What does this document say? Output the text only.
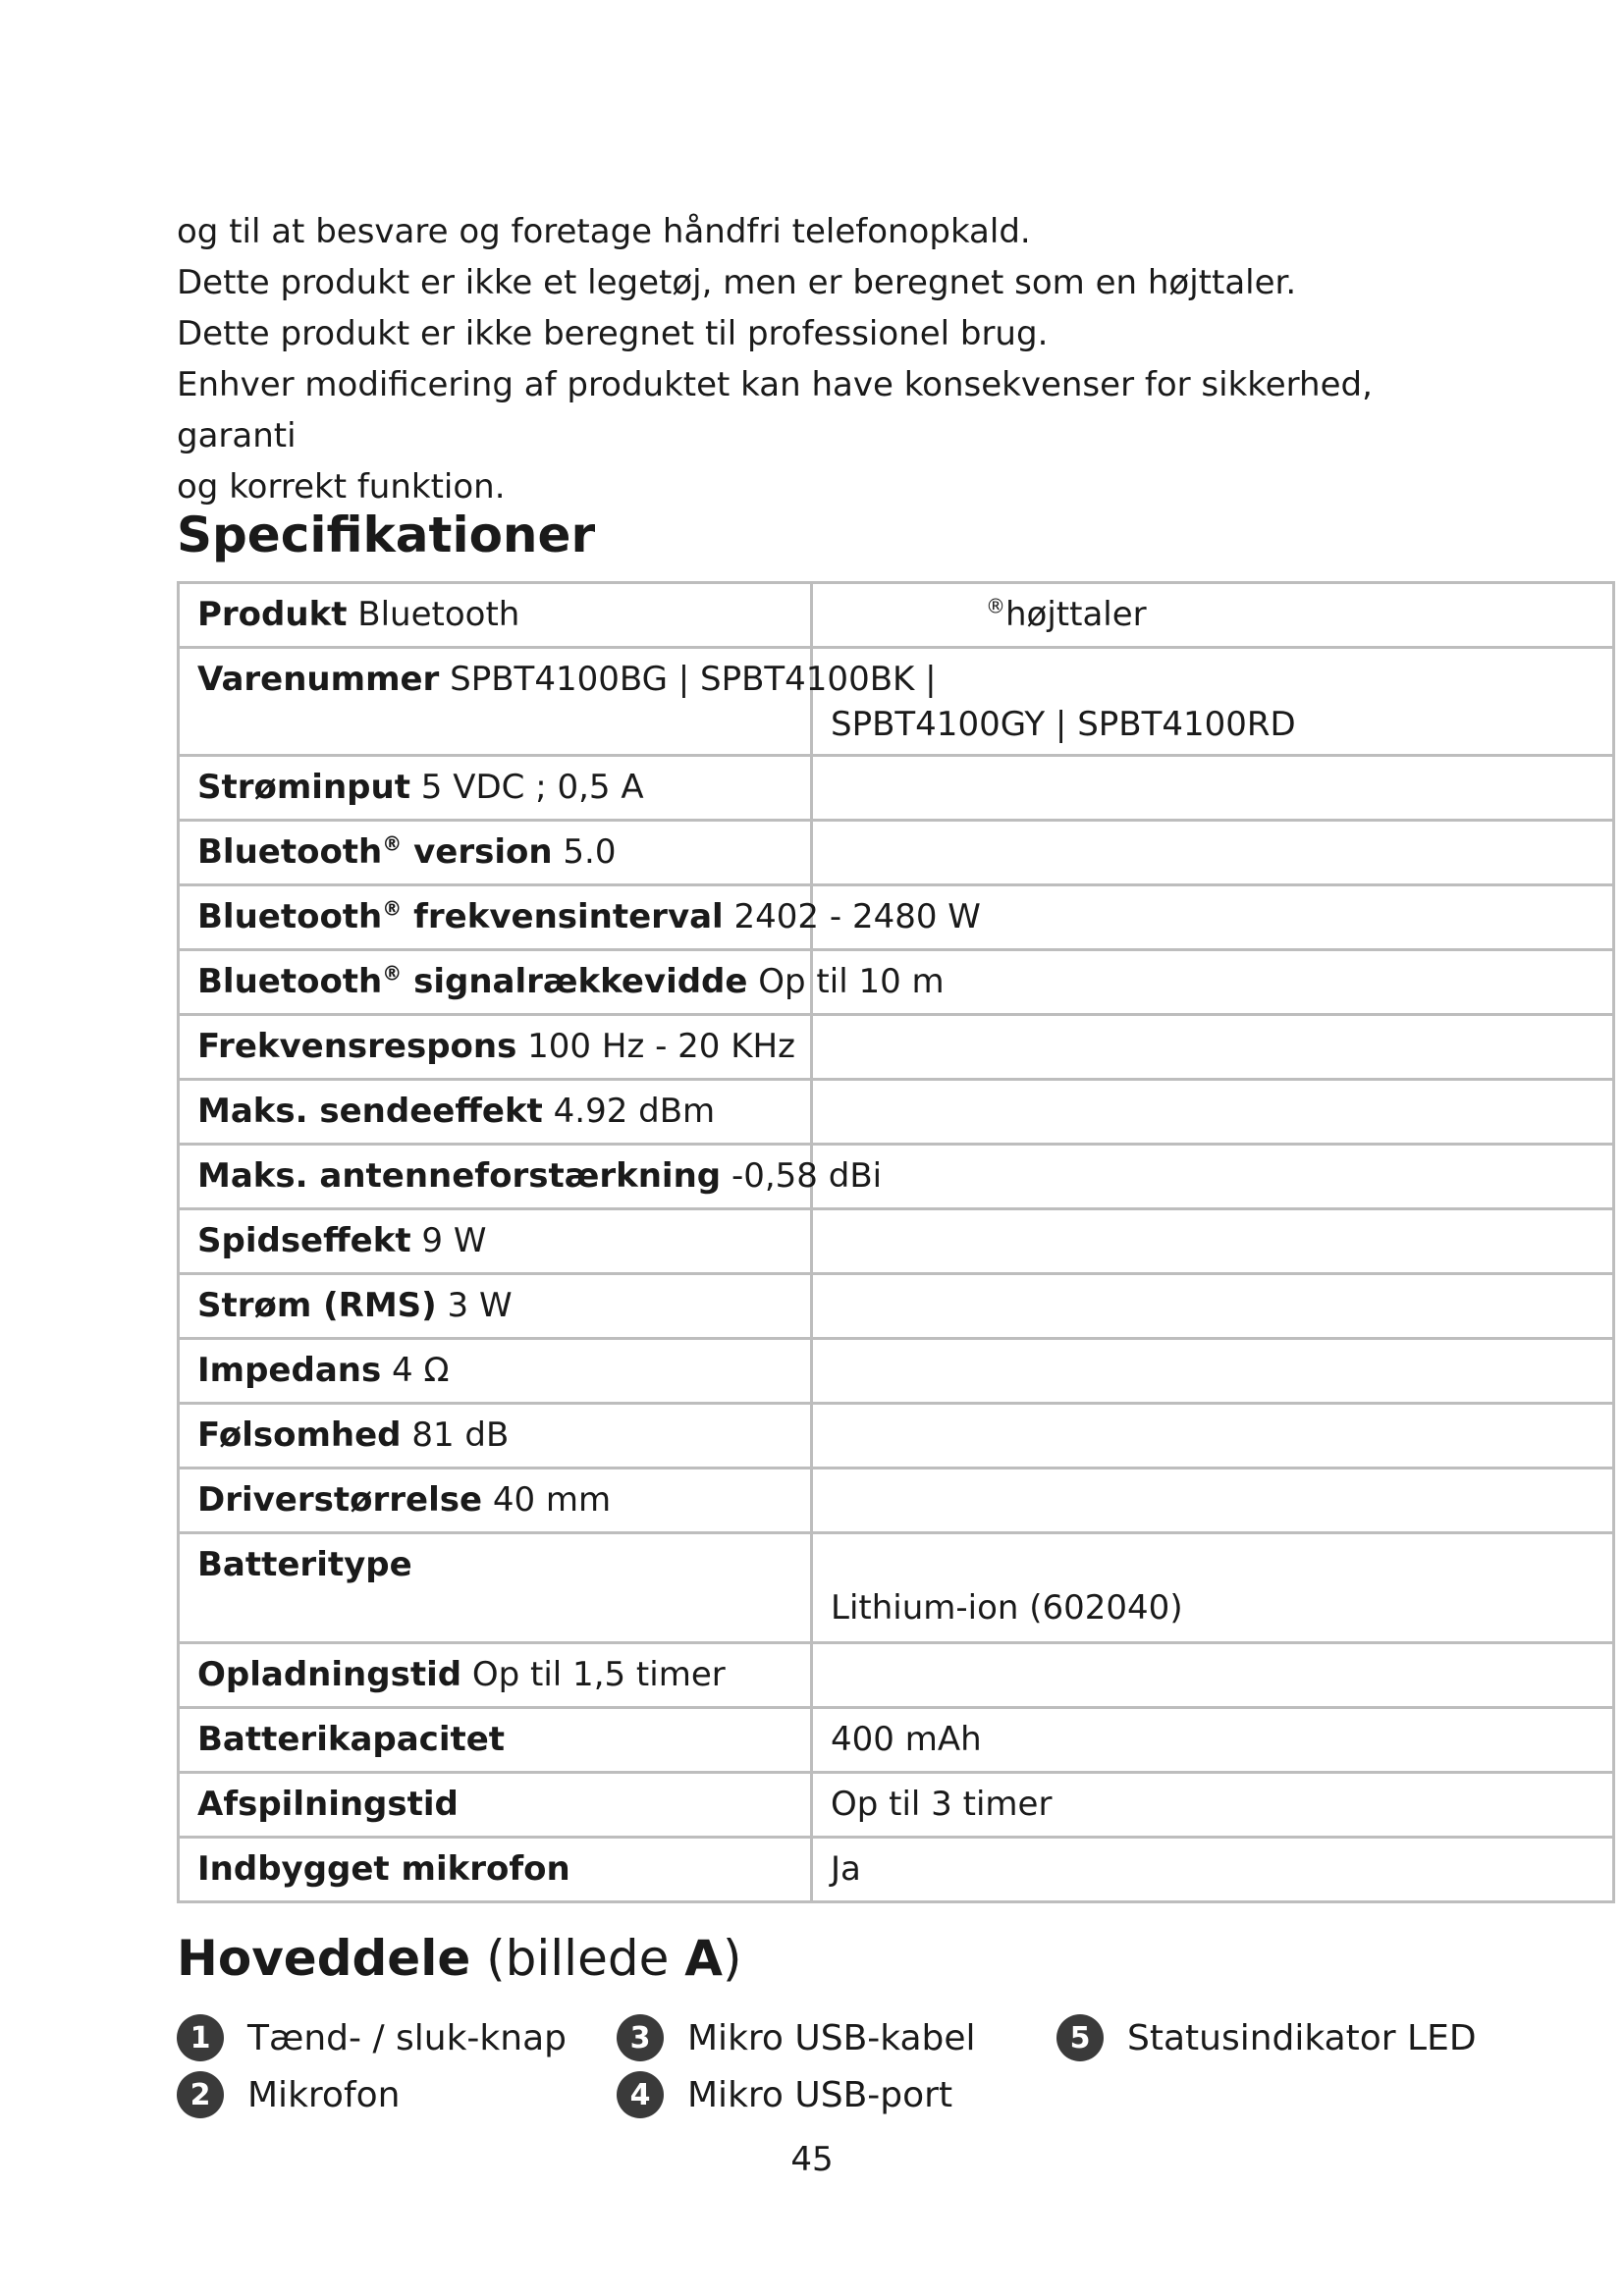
og til at besvare og foretage håndfri telefonopkald.

Dette produkt er ikke et legetøj, men er beregnet som en højttaler.

Dette produkt er ikke beregnet til professionel brug.

Enhver modificering af produktet kan have konsekvenser for sikkerhed, garanti

og korrekt funktion.

Specifikationer
Produkt Bluetooth	®højttaler
Varenummer SPBT4100BG | SPBT4100BK |	SPBT4100GY | SPBT4100RD
Strøminput 5 VDC ; 0,5 A	
Bluetooth® version 5.0	
Bluetooth® frekvensinterval 2402 - 2480 W	
Bluetooth® signalrækkevidde Op til 10 m	
Frekvensrespons 100 Hz - 20 KHz	
Maks. sendeeffekt 4.92 dBm	
Maks. antenneforstærkning -0,58 dBi	
Spidseffekt 9 W	
Strøm (RMS) 3 W	
Impedans 4 Ω	
Følsomhed 81 dB	
Driverstørrelse 40 mm	
Batteritype	Lithium-ion (602040)
Opladningstid Op til 1,5 timer	
Batterikapacitet	400 mAh
Afspilningstid	Op til 3 timer
Indbygget mikrofon	Ja
Hoveddele (billede A)
1	Tænd- / sluk-knap
2	Mikrofon
3	Mikro USB-kabel
4	Mikro USB-port
5	Statusindikator LED
45
